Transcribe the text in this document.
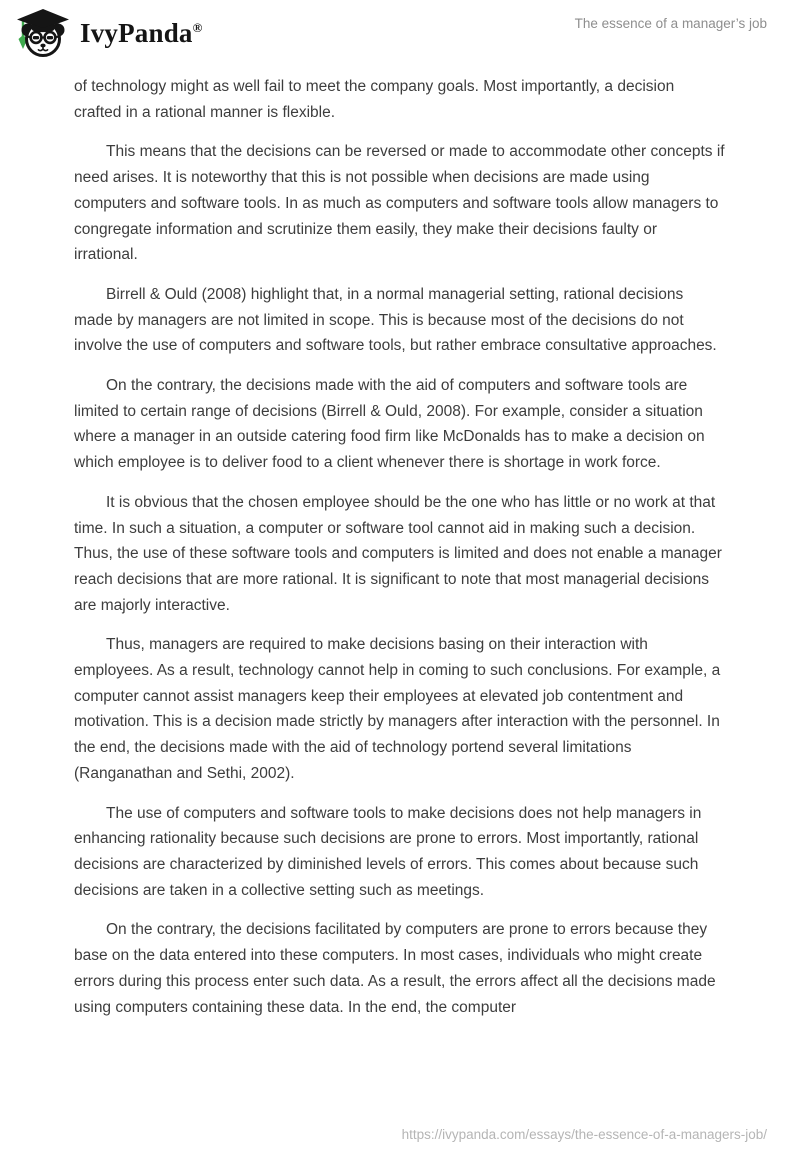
IvyPanda®	The essence of a manager’s job

of technology might as well fail to meet the company goals. Most importantly, a decision crafted in a rational manner is flexible.

This means that the decisions can be reversed or made to accommodate other concepts if need arises. It is noteworthy that this is not possible when decisions are made using computers and software tools. In as much as computers and software tools allow managers to congregate information and scrutinize them easily, they make their decisions faulty or irrational.

Birrell & Ould (2008) highlight that, in a normal managerial setting, rational decisions made by managers are not limited in scope. This is because most of the decisions do not involve the use of computers and software tools, but rather embrace consultative approaches.

On the contrary, the decisions made with the aid of computers and software tools are limited to certain range of decisions (Birrell & Ould, 2008). For example, consider a situation where a manager in an outside catering food firm like McDonalds has to make a decision on which employee is to deliver food to a client whenever there is shortage in work force.

It is obvious that the chosen employee should be the one who has little or no work at that time. In such a situation, a computer or software tool cannot aid in making such a decision. Thus, the use of these software tools and computers is limited and does not enable a manager reach decisions that are more rational. It is significant to note that most managerial decisions are majorly interactive.

Thus, managers are required to make decisions basing on their interaction with employees. As a result, technology cannot help in coming to such conclusions. For example, a computer cannot assist managers keep their employees at elevated job contentment and motivation. This is a decision made strictly by managers after interaction with the personnel. In the end, the decisions made with the aid of technology portend several limitations (Ranganathan and Sethi, 2002).

The use of computers and software tools to make decisions does not help managers in enhancing rationality because such decisions are prone to errors. Most importantly, rational decisions are characterized by diminished levels of errors. This comes about because such decisions are taken in a collective setting such as meetings.

On the contrary, the decisions facilitated by computers are prone to errors because they base on the data entered into these computers. In most cases, individuals who might create errors during this process enter such data. As a result, the errors affect all the decisions made using computers containing these data. In the end, the computer

https://ivypanda.com/essays/the-essence-of-a-managers-job/
